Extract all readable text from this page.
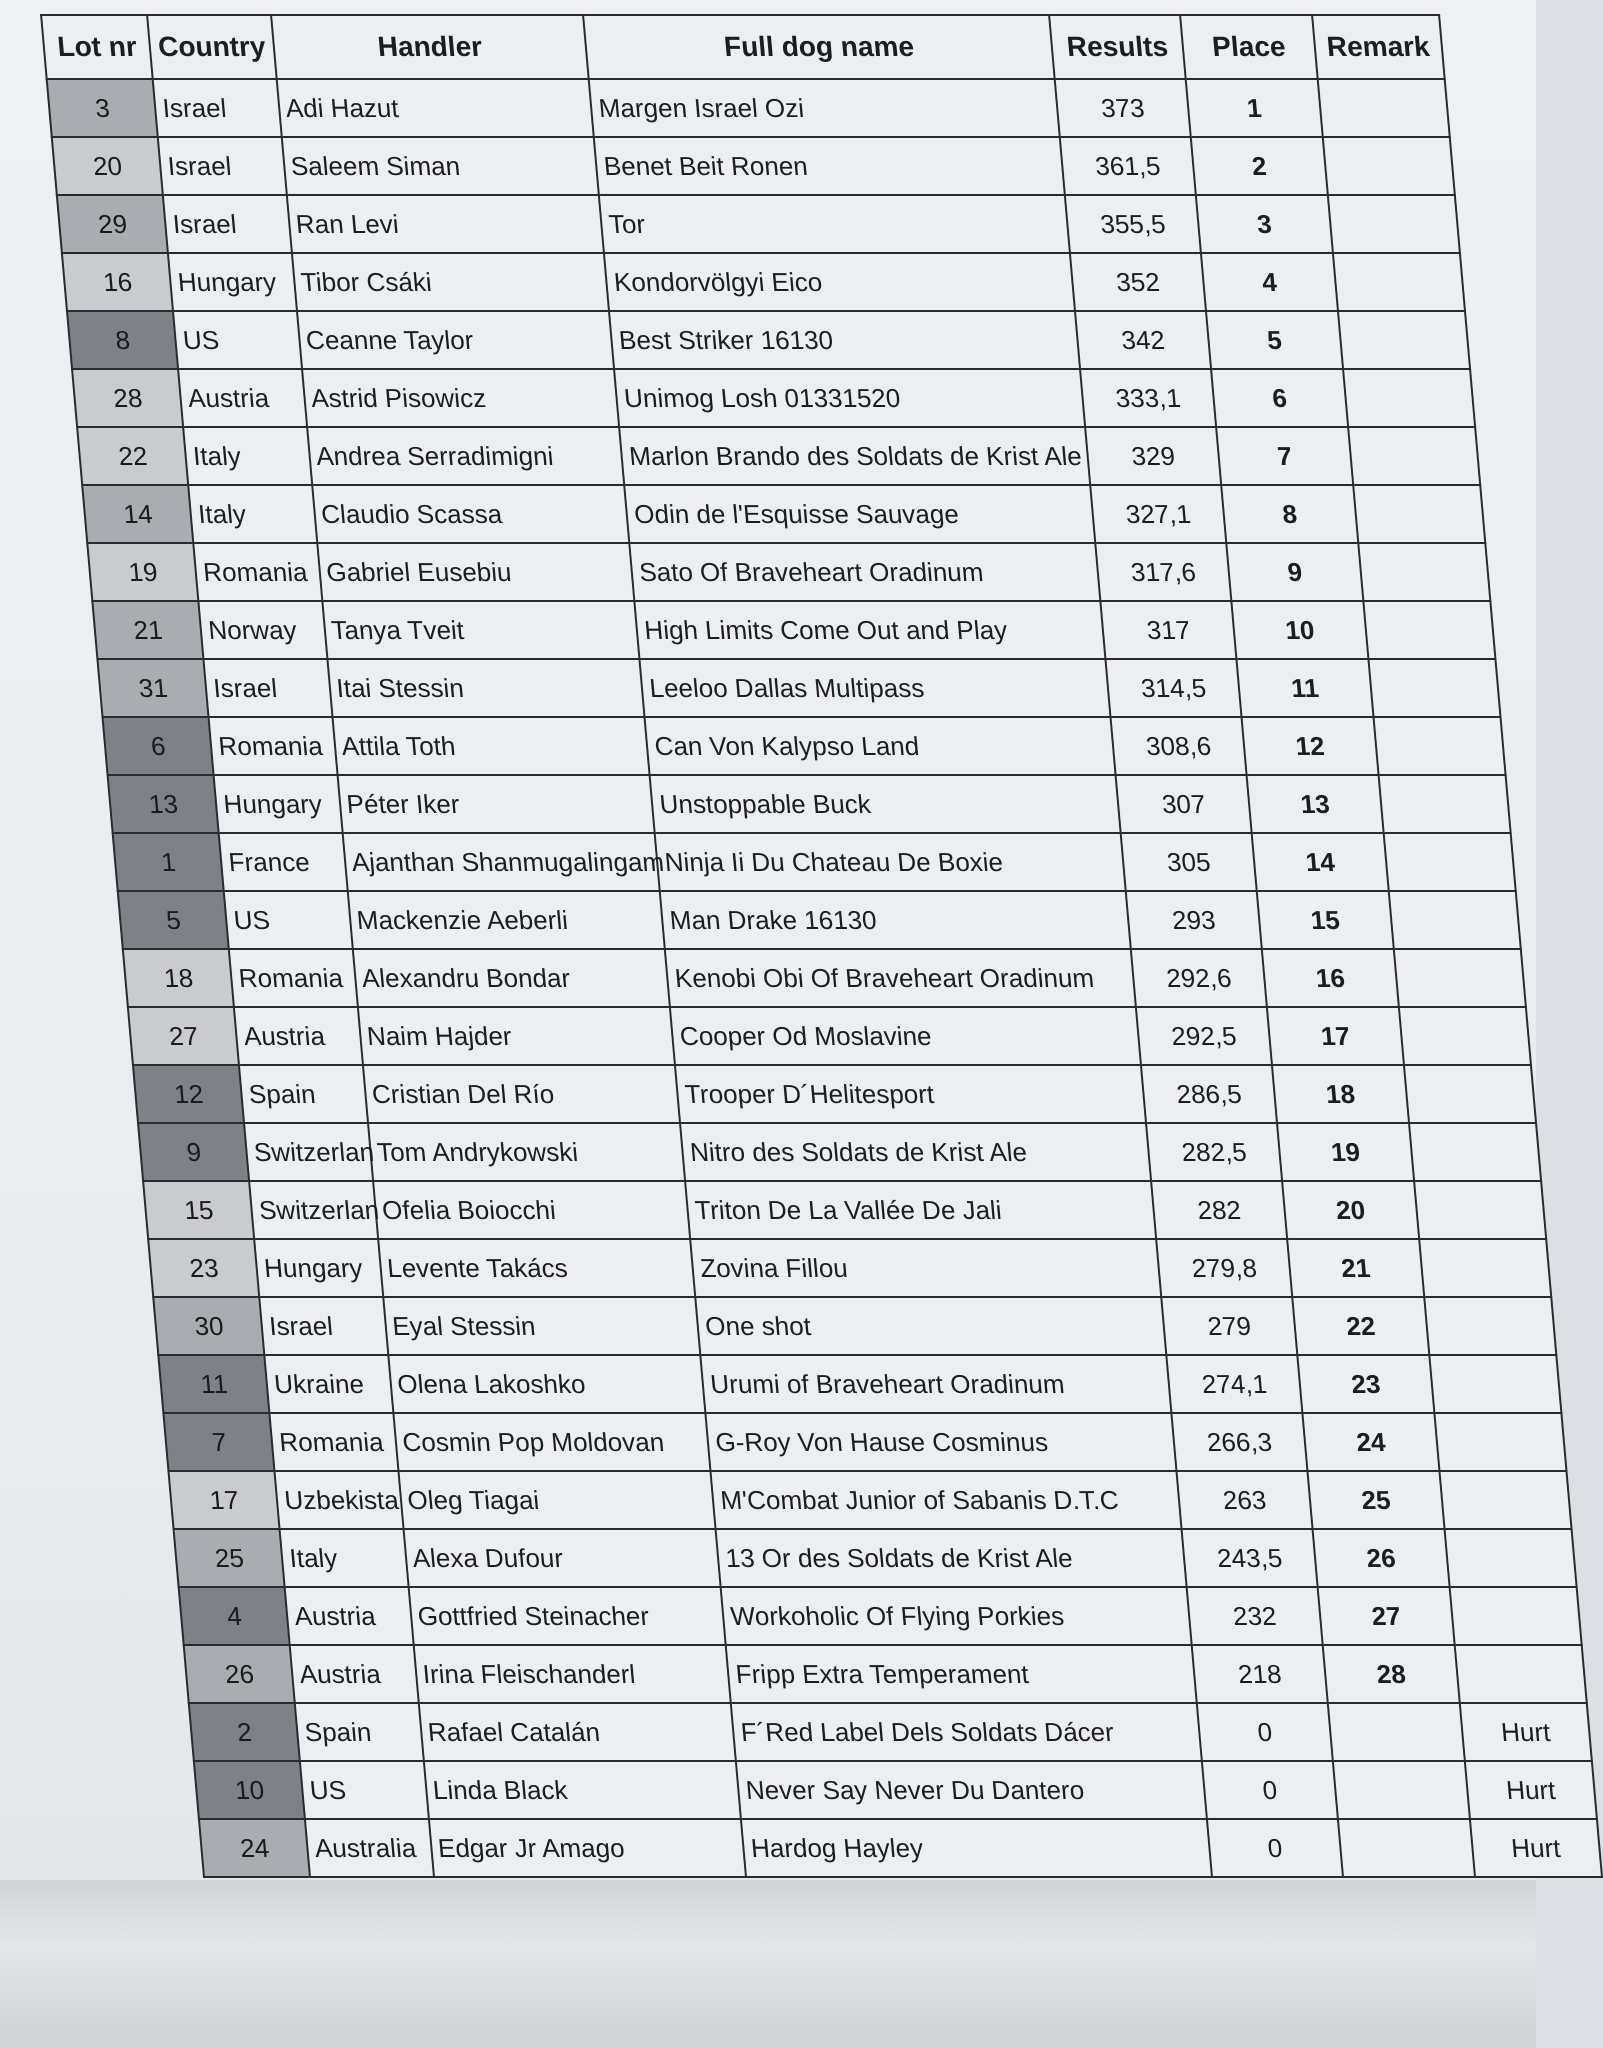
Lot nr	Country	Handler	Full dog name	Results	Place	Remark
3	Israel	Adi Hazut	Margen Israel Ozi	373	1	
20	Israel	Saleem Siman	Benet Beit Ronen	361,5	2	
29	Israel	Ran Levi	Tor	355,5	3	
16	Hungary	Tibor Csáki	Kondorvölgyi Eico	352	4	
8	US	Ceanne Taylor	Best Striker 16130	342	5	
28	Austria	Astrid Pisowicz	Unimog Losh 01331520	333,1	6	
22	Italy	Andrea Serradimigni	Marlon Brando des Soldats de Krist Ale	329	7	
14	Italy	Claudio Scassa	Odin de l'Esquisse Sauvage	327,1	8	
19	Romania	Gabriel Eusebiu	Sato Of Braveheart Oradinum	317,6	9	
21	Norway	Tanya Tveit	High Limits Come Out and Play	317	10	
31	Israel	Itai Stessin	Leeloo Dallas Multipass	314,5	11	
6	Romania	Attila Toth	Can Von Kalypso Land	308,6	12	
13	Hungary	Péter Iker	Unstoppable Buck	307	13	
1	France	Ajanthan Shanmugalingam	Ninja Ii Du Chateau De Boxie	305	14	
5	US	Mackenzie Aeberli	Man Drake 16130	293	15	
18	Romania	Alexandru Bondar	Kenobi Obi Of Braveheart Oradinum	292,6	16	
27	Austria	Naim Hajder	Cooper Od Moslavine	292,5	17	
12	Spain	Cristian Del Río	Trooper D´Helitesport	286,5	18	
9	Switzerlan	Tom Andrykowski	Nitro des Soldats de Krist Ale	282,5	19	
15	Switzerlan	Ofelia Boiocchi	Triton De La Vallée De Jali	282	20	
23	Hungary	Levente Takács	Zovina Fillou	279,8	21	
30	Israel	Eyal Stessin	One shot	279	22	
11	Ukraine	Olena Lakoshko	Urumi of Braveheart Oradinum	274,1	23	
7	Romania	Cosmin Pop Moldovan	G-Roy Von Hause Cosminus	266,3	24	
17	Uzbekista	Oleg Tiagai	M'Combat Junior of Sabanis D.T.C	263	25	
25	Italy	Alexa Dufour	13 Or des Soldats de Krist Ale	243,5	26	
4	Austria	Gottfried Steinacher	Workoholic Of Flying Porkies	232	27	
26	Austria	Irina Fleischanderl	Fripp Extra Temperament	218	28	
2	Spain	Rafael Catalán	F´Red Label Dels Soldats Dácer	0		Hurt
10	US	Linda Black	Never Say Never Du Dantero	0		Hurt
24	Australia	Edgar Jr Amago	Hardog Hayley	0		Hurt
